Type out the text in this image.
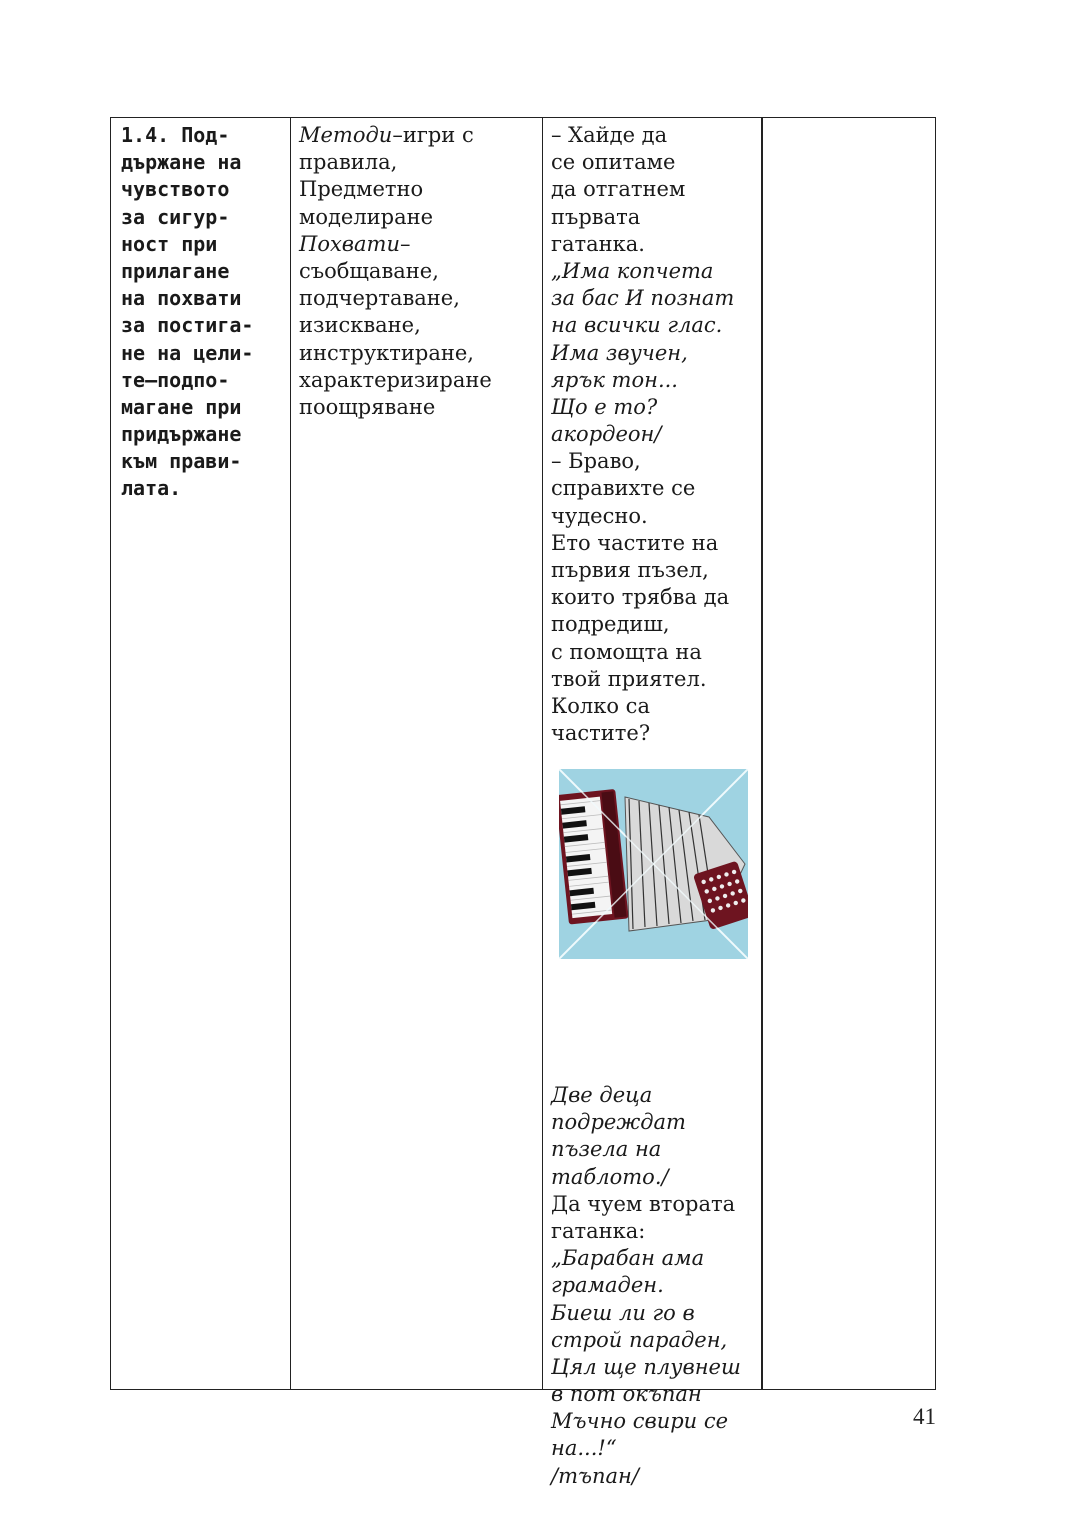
1.4. Под-
държане на
чувството
за сигур-
ност при
прилагане
на похвати
за постига-
не на цели-
те–подпо-
магане при
придържане
към прави-
лата.
Методи–игри с
правила,
Предметно
моделиране
Похвати–
съобщаване,
подчертаване,
изискване,
инструктиране,
характеризиране
поощряване
– Хайде да
се опитаме
да отгатнем
първата
гатанка.
„Има копчета
за бас И познат
на всички глас.
Има звучен,
ярък тон...
Що е то?
акордеон/
– Браво,
справихте се
чудесно.
Ето частите на
първия пъзел,
които трябва да
подредиш,
с помощта на
твой приятел.
Колко са
частите?
Две деца
подреждат
пъзела на
таблото./
Да чуем втората
гатанка:
„Барабан ама
грамаден.
Биеш ли го в
строй параден,
Цял ще плувнеш
в пот окъпан
Мъчно свири се
на...!“
/тъпан/
41
